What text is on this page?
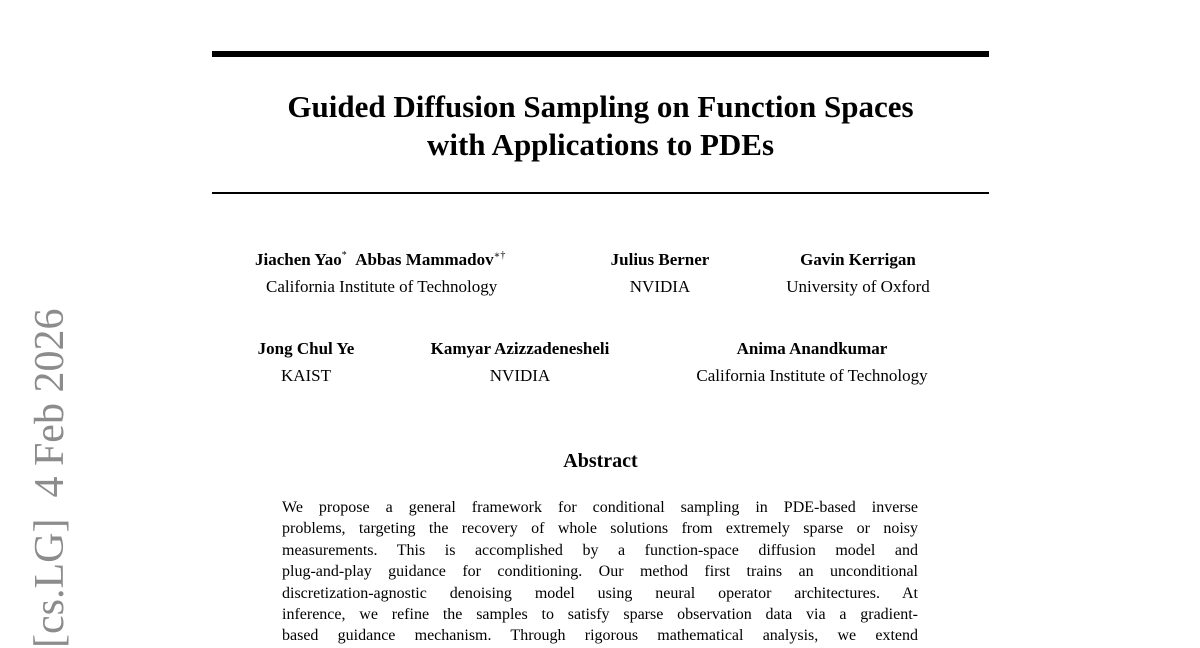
Guided Diffusion Sampling on Function Spaces
with Applications to PDEs
Jiachen Yao* Abbas Mammadov∗†
California Institute of Technology
Julius Berner
NVIDIA
Gavin Kerrigan
University of Oxford
Jong Chul Ye
KAIST
Kamyar Azizzadenesheli
NVIDIA
Anima Anandkumar
California Institute of Technology
[cs.LG]  4 Feb 2026	Abstract
We propose a general framework for conditional sampling in PDE-based inverse
problems, targeting the recovery of whole solutions from extremely sparse or noisy
measurements. This is accomplished by a function-space diffusion model and
plug-and-play guidance for conditioning. Our method first trains an unconditional
discretization-agnostic denoising model using neural operator architectures. At
inference, we refine the samples to satisfy sparse observation data via a gradient-
based guidance mechanism. Through rigorous mathematical analysis, we extend
